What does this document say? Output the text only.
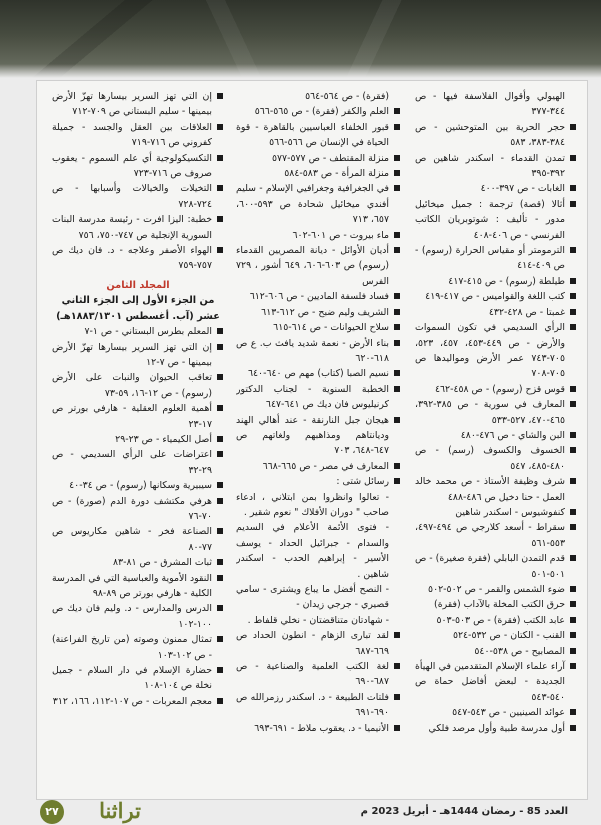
الهيولي وأقوال الفلاسفة فيها - ص ٣٤٤-٣٧٧

حجر الحرية بين المتوحشين - ص ٣٨٤-٣٨٣، ٥٨٣

تمدن القدماء - اسكندر شاهين ص ٣٩٢-٣٩٥

الغابات - ص ٣٩٧-٤٠٠

أثالا (قصة) ترجمة : جميل ميخائيل مدور - تأليف : شوتوبريان الكاتب الفرنسي - ص ٤٠٦-٤٠٨

الترمومتر أو مقياس الحرارة (رسوم) - ص ٤٠٩-٤١٤

طيلطة (رسوم) - ص ٤١٥-٤١٧

كتب اللغة والقواميس - ص ٤١٧-٤١٩

غمبتا - ص ٤٢٨-٤٣٢

الرأي السديمي في تكون السموات والأرض - ص ٤٤٩-٤٥٣، ٤٥٧، ٥٢٣، ٧٠٥-٧٤٣ عمر الأرض ومواليدها ص ٧٠٥-٧٠٨

قوس قزح (رسوم) - ص ٤٥٨-٤٦٢

المعارف في سورية - ص ٣٨٥-٣٩٢، ٤٦٥-٤٧٠، ٥٢٧-٥٣٣

البن والشاي - ص ٤٧٦-٤٨٠

الخسوف والكسوف (رسم) - ص ٤٨٠-٤٨٥، ٥٤٧

شرف وظيفة الأستاذ - ص محمد خالد العمل - حنا دخيل ص ٤٨٦-٤٨٨

كنفوشيوس - اسكندر شاهين

سقراط - أسعد كلارجي ص ٤٩٤-٤٩٧، ٥٥٣-٥٦١

قدم التمدن البابلي (فقرة صغيرة) - ص ٥٠١-٥٠١

ضوء الشمس والقمر - ص ٥٠٢-٥٠٢

حرق الكتب المخلة بالآداب (فقرة)

عابد الكتب (فقرة) - ص ٥٠٣-٥٠٣

القنب - الكتان - ص ٥٣٢-٥٢٤

المصابيح - ص ٥٣٨-٥٤٠

آراء علماء الإسلام المتقدمين في الهيأة الجديدة - لبعض أفاضل حماة ص ٥٤٠-٥٤٣

عوائد الصينيين - ص ٥٤٣-٥٤٧

أول مدرسة طبية وأول مرصد فلكي

(فقرة) - ص ٥٦٤-٥٦٤

العلم والكفر (فقرة) - ص ٥٦٥-٥٦٦

قبور الخلفاء العباسيين بالقاهرة - قوة الحياة في الإنسان ص ٥٦٦-٥٦٦

منزلة المقتطف - ص ٥٧٧-٥٧٧

منزلة المرأة - ص ٥٨٣-٥٨٤

في الجغرافية وجغرافيي الإسلام - سليم أفندي ميخائيل شحادة ص ٥٩٣-٦٠٠، ٦٥٧، ٧١٣

ماء بيروت - ص ٦٠١-٦٠٢

أديان الأوائل - ديانة المصريين القدماء (رسوم) ص ٦٠٣-٦٠٦، ٦٤٩ أشور ، ٧٢٩ الفرس

فساد فلسفة الماديين - ص ٦٠٦-٦١٢

الشريف وليم ضبح - ص ٦١٢-٦١٣

سلاح الحيوانات - ص ٦١٤-٦١٥

بناء الأرض - نعمة شديد يافث ب. ع ص ٦١٨-٦٢٠

نسيم الصبا (كتاب) مهم ص ٦٤٠-٦٤٠

الخطبة السنوية - لجناب الدكتور كرنيليوس فان ديك ص ٦٤١-٦٤٧

هيجان جبل النارنقة - عند أهالي الهند وديانتاهم ومذاهبهم ولغاتهم ص ٦٤٧-٦٤٨، ٧٠٣

المعارف في مصر - ص ٦٦٥-٦٦٨

رسائل شتى :

- تعالوا وانظروا بمن ابتلاني ، ادعاء صاحب " دوران الأفلاك " نعوم شقير .

- فتوى الأئمة الأعلام في السديم والسدام - جبرائيل الحداد - يوسف الأسير - إبراهيم الحدب - اسكندر شاهين .

- النصح أفضل ما يباع ويشترى - سامي قصيري - جرجي زيدان -

- شهادتان متناقضتان - نخلي قلفاط .

لقد تبارى الزهام - انطون الحداد ص ٦٦٩-٦٨٧

لغة الكتب العلمية والصناعية - ص ٦٨٧-٦٩٠

فلتات الطبيعة - د. اسكندر رزمرالله ص ٦٩٠-٦٩١

الأنيميا - د. يعقوب ملاط - ٦٩١-٦٩٣

إن التي تهز السرير بيسارها تهزّ الأرض بيمينها - سليم البستاني ص ٧٠٩-٧١٢

العلاقات بين العقل والجسد - جميلة كفروني ص ٧١٦-٧١٩

التكسيكولوجية أي علم السموم - يعقوب صروف ص ٧١٦-٧٢٣

التخيلات والخيالات وأسبابها - ص ٧٢٤-٧٢٨

خطبة: اليزا افرت - رئيسة مدرسة البنات السورية الإنجلية ص ٧٤٧-٧٥٠، ٧٥٦

الهواء الأصفر وعلاجه - د. فان ديك ص ٧٥٧-٧٥٩

المجلد الثامن

من الجزء الأول إلى الجزء الثاني عشر (آب. أغسطس ١٨٨٣/١٣٠١هـ)

المعلم بطرس البستاني - ص ١-٧

إن التي تهز السرير بيسارها تهزّ الأرض بيمينها - ص ٧-١٢

تعاقب الحيوان والنبات على الأرض (رسوم) - ص ١٢-١٦، ٥٩-٧٣

أهمية العلوم العقلية - هارفي بورتر ص ١٧-٢٣

أصل الكيمياء - ص ٢٣-٢٩

اعتراضات على الرأي السديمي - ص ٢٩-٣٢

سيبيرية وسكانها (رسوم) - ص ٣٤-٤٠

هرفي مكتشف دورة الدم (صورة) - ص ٧٠-٧٦

الصناعة فخر - شاهين مكاريوس ص ٧٧-٨٠

ثبات المشرق - ص ٨١-٨٣

النقود الأموية والعباسية التي في المدرسة الكلية - هارفي بورتر ص ٨٩-٩٨

الدرس والمدارس - د. وليم فان ديك ص ١٠٠-١٠٢

تمثال ممنون وصوته (من تاريخ الفراعنة) - ص ١٠٢-١٠٣

حضارة الإسلام في دار السلام - جميل نخلة ص ١٠٤-١٠٨

معجم المعربات - ص ١٠٧-١١٢، ١٦٦، ٣١٢

العدد 85 - رمضان 1444هـ - أبريل 2023 م
تراثنا
٢٧
